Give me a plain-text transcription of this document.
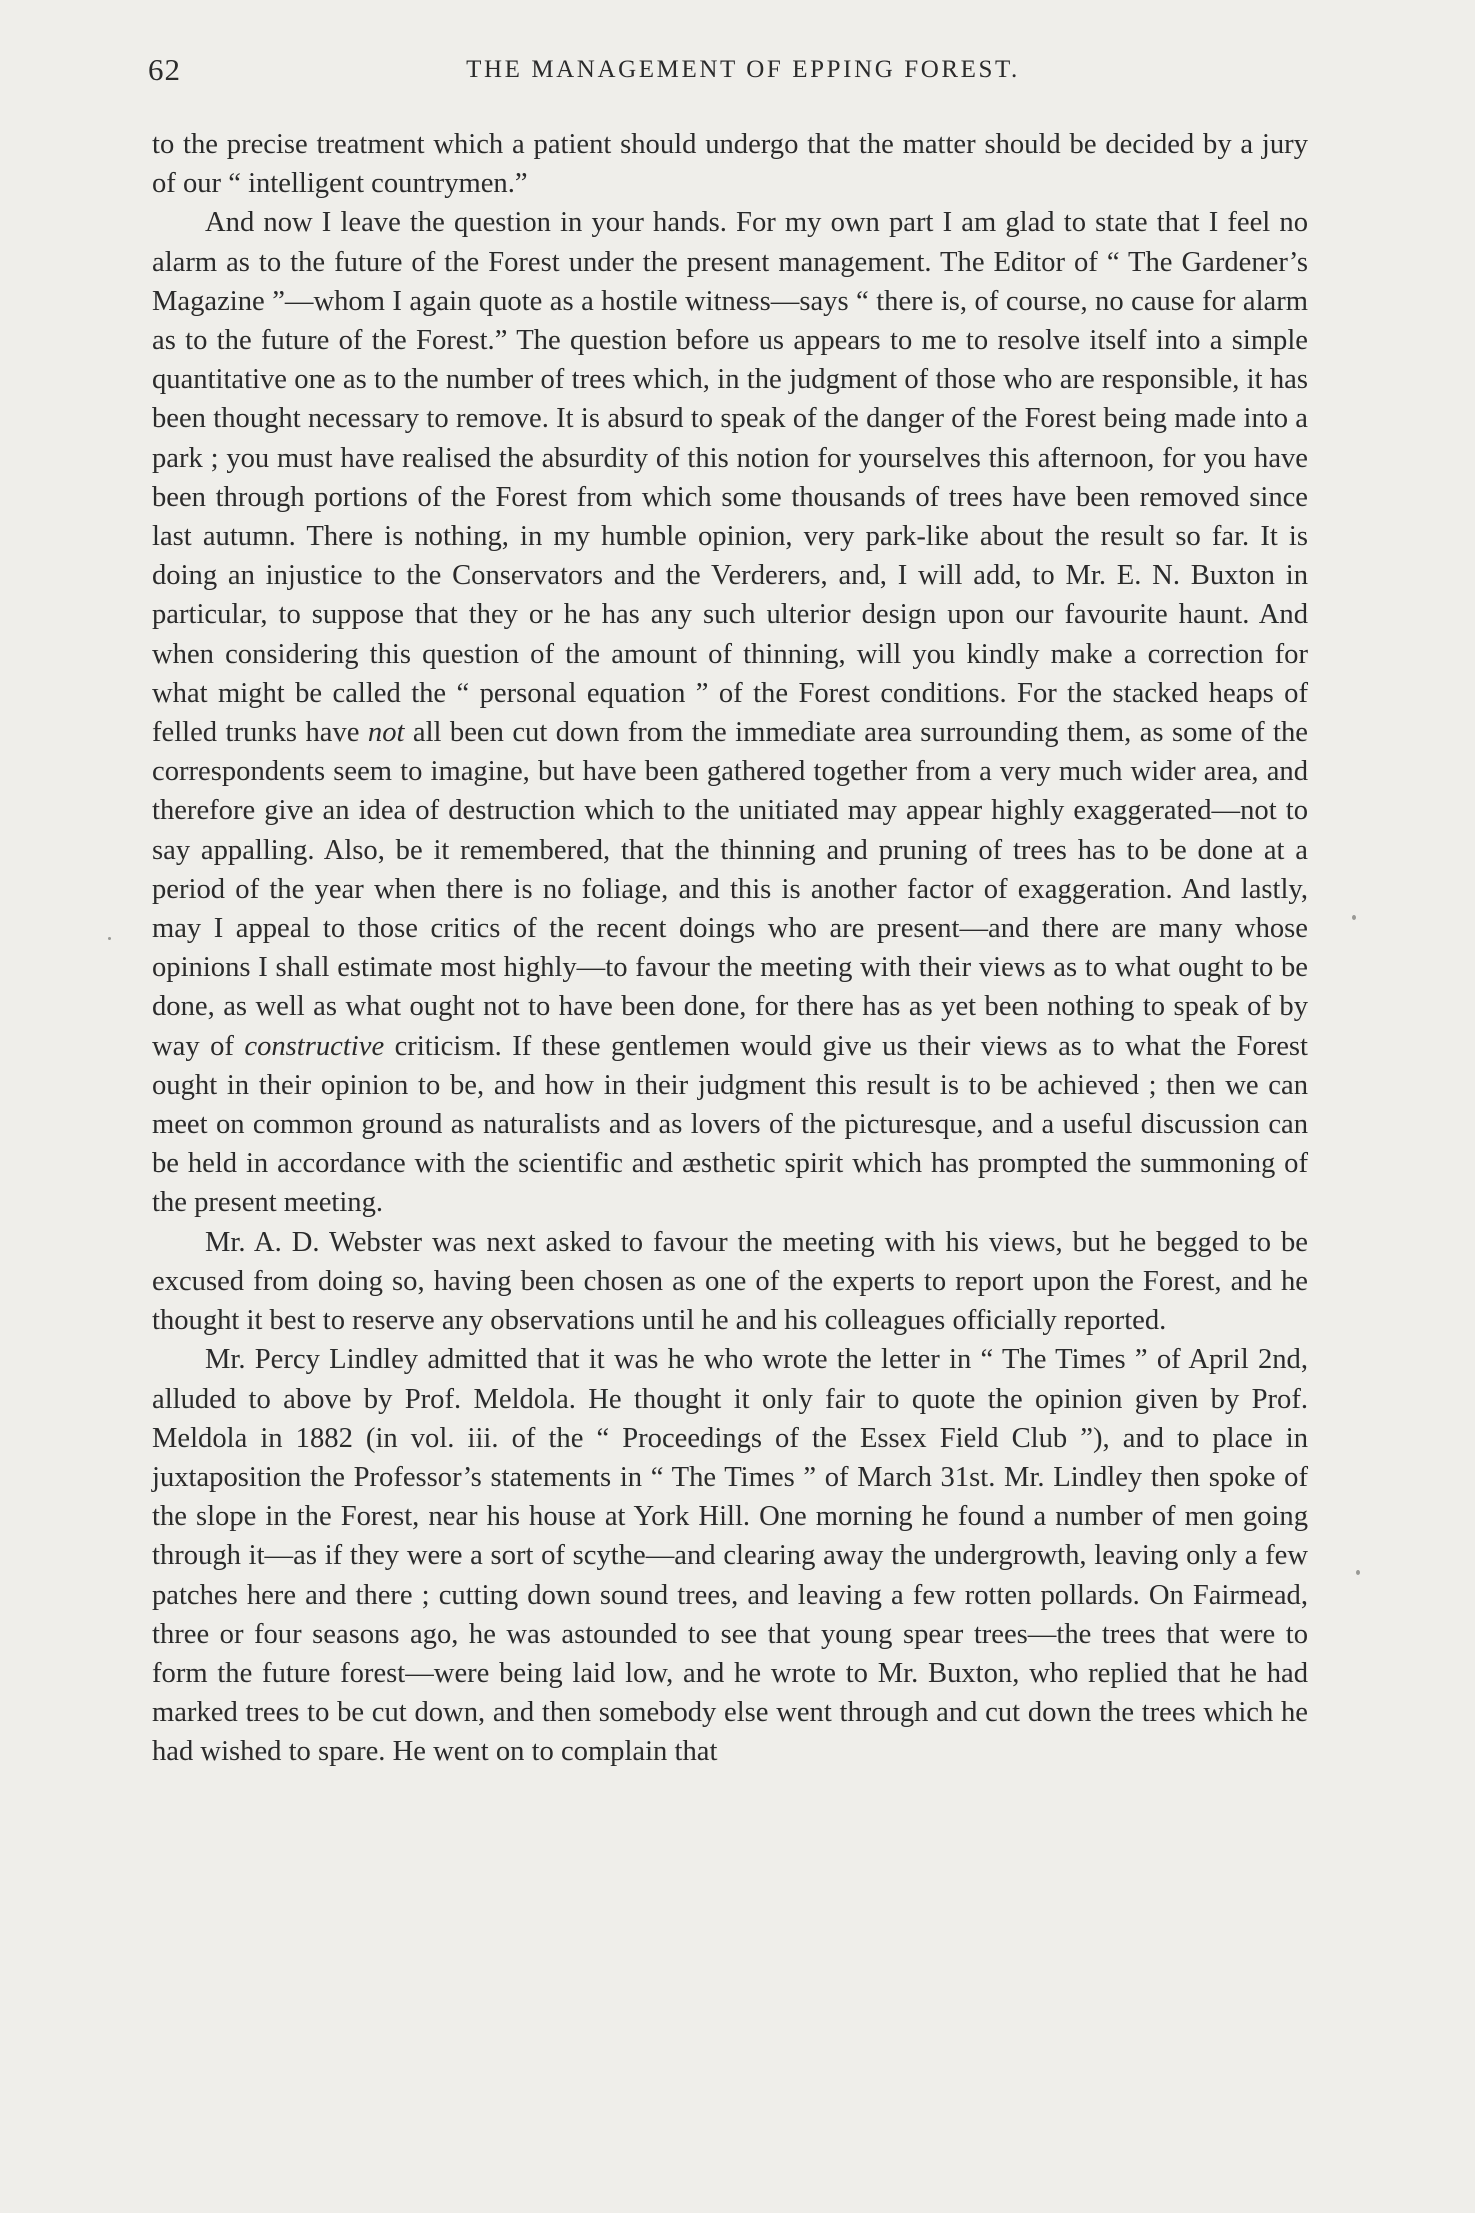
62	THE MANAGEMENT OF EPPING FOREST.

to the precise treatment which a patient should undergo that the matter should be decided by a jury of our “ intelligent countrymen.”

And now I leave the question in your hands. For my own part I am glad to state that I feel no alarm as to the future of the Forest under the present management. The Editor of “ The Gardener’s Magazine ”—whom I again quote as a hostile witness—says “ there is, of course, no cause for alarm as to the future of the Forest.” The question before us appears to me to resolve itself into a simple quantitative one as to the number of trees which, in the judgment of those who are responsible, it has been thought necessary to remove. It is absurd to speak of the danger of the Forest being made into a park ; you must have realised the absurdity of this notion for yourselves this afternoon, for you have been through portions of the Forest from which some thousands of trees have been removed since last autumn. There is nothing, in my humble opinion, very park-like about the result so far. It is doing an injustice to the Conservators and the Verderers, and, I will add, to Mr. E. N. Buxton in particular, to suppose that they or he has any such ulterior design upon our favourite haunt. And when considering this question of the amount of thinning, will you kindly make a correction for what might be called the “ personal equation ” of the Forest conditions. For the stacked heaps of felled trunks have not all been cut down from the immediate area surrounding them, as some of the correspondents seem to imagine, but have been gathered together from a very much wider area, and therefore give an idea of destruction which to the unitiated may appear highly exaggerated—not to say appalling. Also, be it remembered, that the thinning and pruning of trees has to be done at a period of the year when there is no foliage, and this is another factor of exaggeration. And lastly, may I appeal to those critics of the recent doings who are present—and there are many whose opinions I shall estimate most highly—to favour the meeting with their views as to what ought to be done, as well as what ought not to have been done, for there has as yet been nothing to speak of by way of constructive criticism. If these gentlemen would give us their views as to what the Forest ought in their opinion to be, and how in their judgment this result is to be achieved ; then we can meet on common ground as naturalists and as lovers of the picturesque, and a useful discussion can be held in accordance with the scientific and æsthetic spirit which has prompted the summoning of the present meeting.

Mr. A. D. Webster was next asked to favour the meeting with his views, but he begged to be excused from doing so, having been chosen as one of the experts to report upon the Forest, and he thought it best to reserve any observations until he and his colleagues officially reported.

Mr. Percy Lindley admitted that it was he who wrote the letter in “ The Times ” of April 2nd, alluded to above by Prof. Meldola. He thought it only fair to quote the opinion given by Prof. Meldola in 1882 (in vol. iii. of the “ Proceedings of the Essex Field Club ”), and to place in juxtaposition the Professor’s statements in “ The Times ” of March 31st. Mr. Lindley then spoke of the slope in the Forest, near his house at York Hill. One morning he found a number of men going through it—as if they were a sort of scythe—and clearing away the undergrowth, leaving only a few patches here and there ; cutting down sound trees, and leaving a few rotten pollards. On Fairmead, three or four seasons ago, he was astounded to see that young spear trees—the trees that were to form the future forest—were being laid low, and he wrote to Mr. Buxton, who replied that he had marked trees to be cut down, and then somebody else went through and cut down the trees which he had wished to spare. He went on to complain that
